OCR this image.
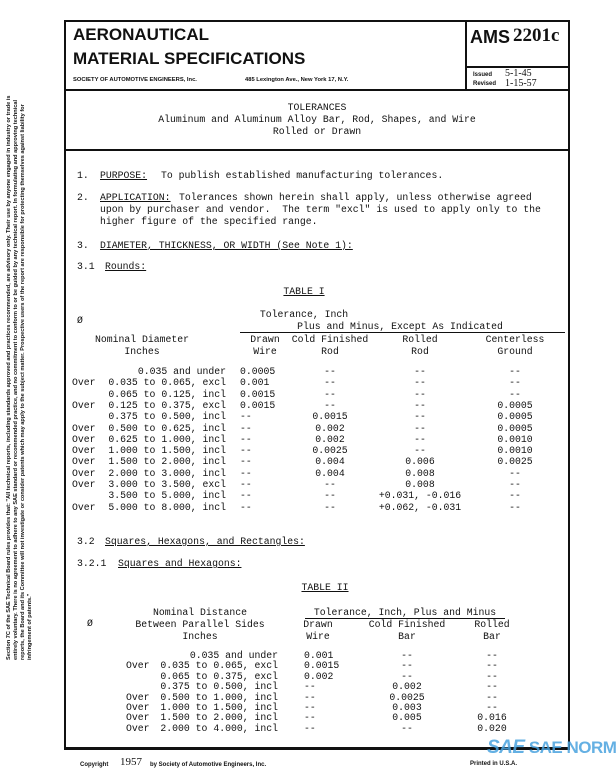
Section 7C of the SAE Technical Board rules provides that: "All technical reports, including standards approved and practices recommended, are advisory only. Their use by anyone engaged in industry or trade is entirely voluntary. There is no agreement to adhere to any SAE standard or recommended practice, and no commitment to conform to or be guided by any technical report. In formulating and approving technical reports, the Board and its Committee will not investigate or consider patents which may apply to the subject matter. Prospective users of the report are responsible for protecting themselves against liability for infringement of patents."
AERONAUTICAL
MATERIAL SPECIFICATIONS
SOCIETY OF AUTOMOTIVE ENGINEERS, Inc.	485 Lexington Ave., New York 17, N.Y.
AMS 2201c
Issued 5-1-45
Revised 1-15-57
TOLERANCES
Aluminum and Aluminum Alloy Bar, Rod, Shapes, and Wire
Rolled or Drawn
1. PURPOSE: To publish established manufacturing tolerances.
2. APPLICATION: Tolerances shown herein shall apply, unless otherwise agreed
upon by purchaser and vendor.  The term "excl" is used to apply only to the
higher figure of the specified range.
3. DIAMETER, THICKNESS, OR WIDTH (See Note 1):
3.1 Rounds:
TABLE I
3.2 Squares, Hexagons, and Rectangles:
3.2.1 Squares and Hexagons:
TABLE II
Copyright 1957 by Society of Automotive Engineers, Inc.	Printed in U.S.A.
SAE SAE NORM
Ø
Tolerance, Inch
Plus and Minus, Except As Indicated
Nominal Diameter
Inches
Drawn
Wire
Cold Finished
Rod
Rolled
Rod
Centerless
Ground
0.035 and under 0.0005	--	--	--
Over 0.035 to 0.065, excl 0.001	--	--	--
0.065 to 0.125, incl 0.0015	--	--	--
Over 0.125 to 0.375, excl 0.0015	--	--	0.0005
0.375 to 0.500, incl --	0.0015	--	0.0005
Over 0.500 to 0.625, incl --	0.002	--	0.0005
Over 0.625 to 1.000, incl --	0.002	--	0.0010
Over 1.000 to 1.500, incl --	0.0025	--	0.0010
Over 1.500 to 2.000, incl --	0.004	0.006	0.0025
Over 2.000 to 3.000, incl --	0.004	0.008	--
Over 3.000 to 3.500, excl --	--	0.008	--
3.500 to 5.000, incl --	--	+0.031, -0.016	--
Over 5.000 to 8.000, incl --	--	+0.062, -0.031	--
Ø
Nominal Distance
Between Parallel Sides
Inches
Tolerance, Inch, Plus and Minus
Drawn
Wire
Cold Finished
Bar
Rolled
Bar
0.035 and under	0.001	--	--
Over 0.035 to 0.065, excl	0.0015	--	--
0.065 to 0.375, excl	0.002	--	--
0.375 to 0.500, incl	--	0.002	--
Over 0.500 to 1.000, incl	--	0.0025	--
Over 1.000 to 1.500, incl	--	0.003	--
Over 1.500 to 2.000, incl	--	0.005	0.016
Over 2.000 to 4.000, incl	--	--	0.020
